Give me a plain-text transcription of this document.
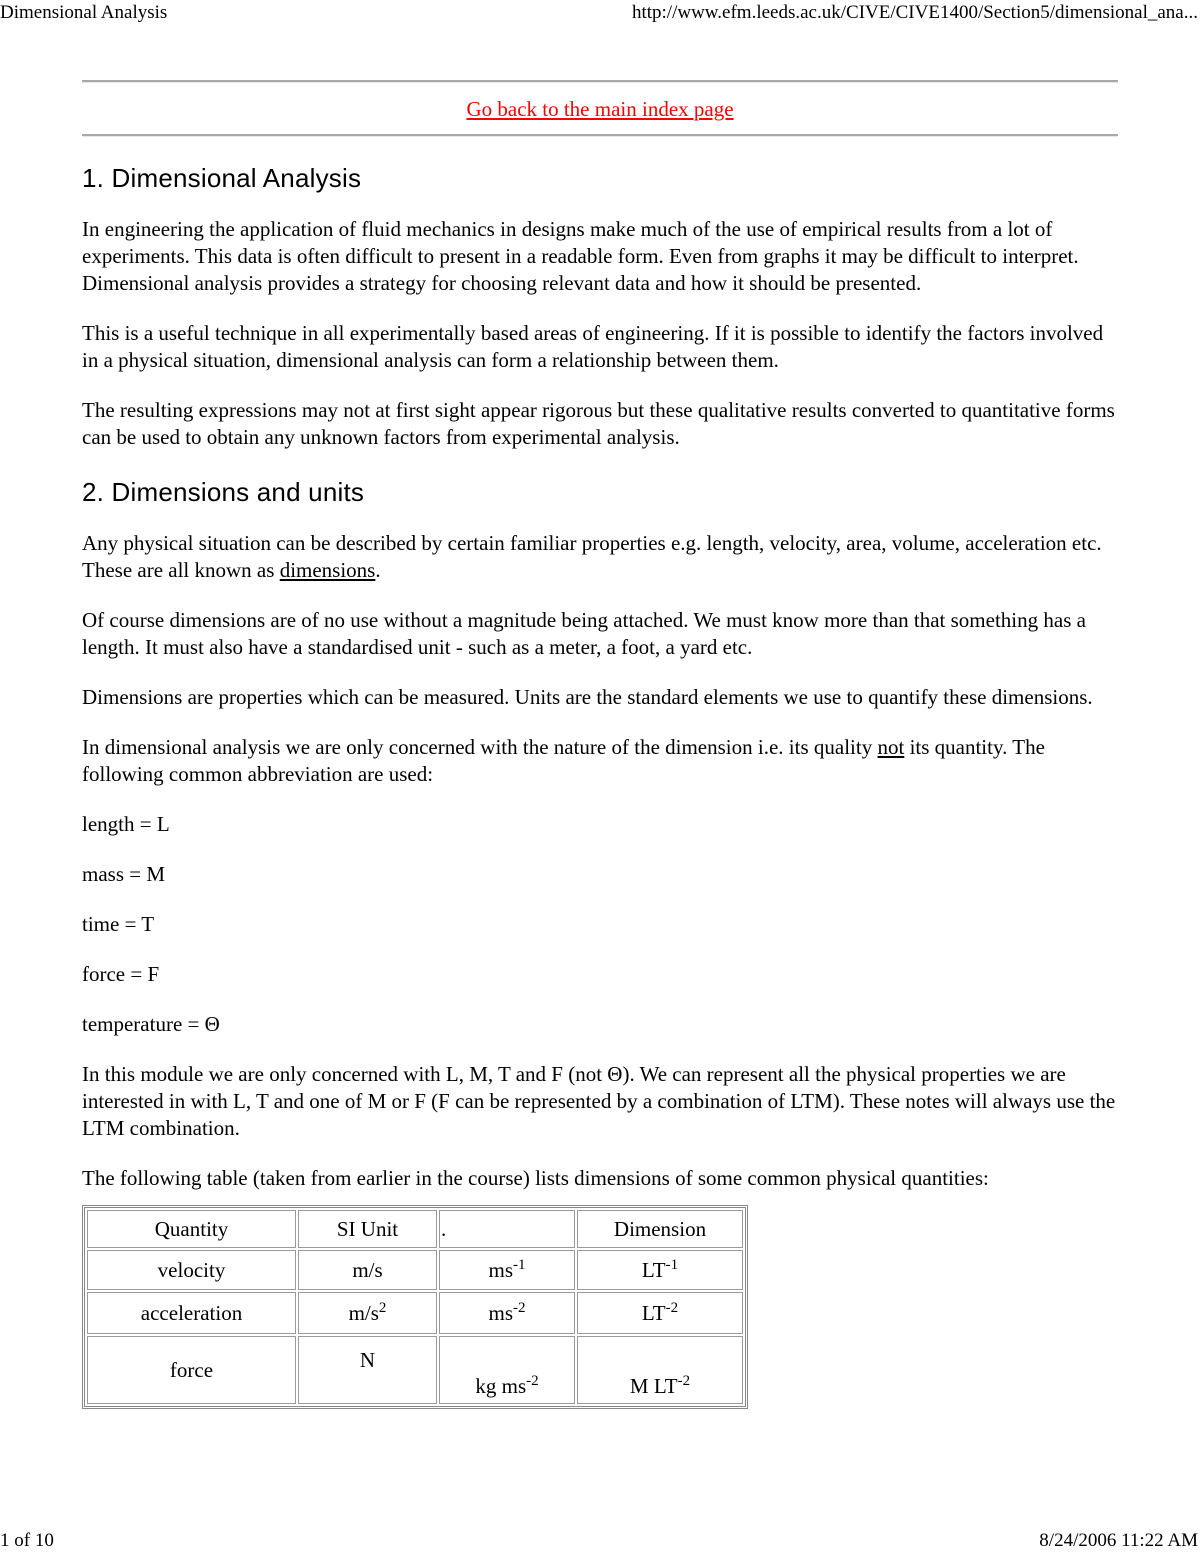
Dimensional Analysis	http://www.efm.leeds.ac.uk/CIVE/CIVE1400/Section5/dimensional_ana...
Go back to the main index page
1. Dimensional Analysis

In engineering the application of fluid mechanics in designs make much of the use of empirical results from a lot of experiments. This data is often difficult to present in a readable form. Even from graphs it may be difficult to interpret. Dimensional analysis provides a strategy for choosing relevant data and how it should be presented.

This is a useful technique in all experimentally based areas of engineering. If it is possible to identify the factors involved in a physical situation, dimensional analysis can form a relationship between them.

The resulting expressions may not at first sight appear rigorous but these qualitative results converted to quantitative forms can be used to obtain any unknown factors from experimental analysis.

2. Dimensions and units

Any physical situation can be described by certain familiar properties e.g. length, velocity, area, volume, acceleration etc. These are all known as dimensions.

Of course dimensions are of no use without a magnitude being attached. We must know more than that something has a length. It must also have a standardised unit - such as a meter, a foot, a yard etc.

Dimensions are properties which can be measured. Units are the standard elements we use to quantify these dimensions.

In dimensional analysis we are only concerned with the nature of the dimension i.e. its quality not its quantity. The following common abbreviation are used:

length = L

mass = M

time = T

force = F

temperature = Θ

In this module we are only concerned with L, M, T and F (not Θ). We can represent all the physical properties we are interested in with L, T and one of M or F (F can be represented by a combination of LTM). These notes will always use the LTM combination.

The following table (taken from earlier in the course) lists dimensions of some common physical quantities:

Quantity	SI Unit	.	Dimension
velocity	m/s	$ms^{-1}$	$LT^{-1}$
acceleration	$m/s^2$	$ms^{-2}$	$LT^{-2}$
force	N	kg $ms^{-2}$	M $LT^{-2}$
1 of 10	8/24/2006 11:22 AM
